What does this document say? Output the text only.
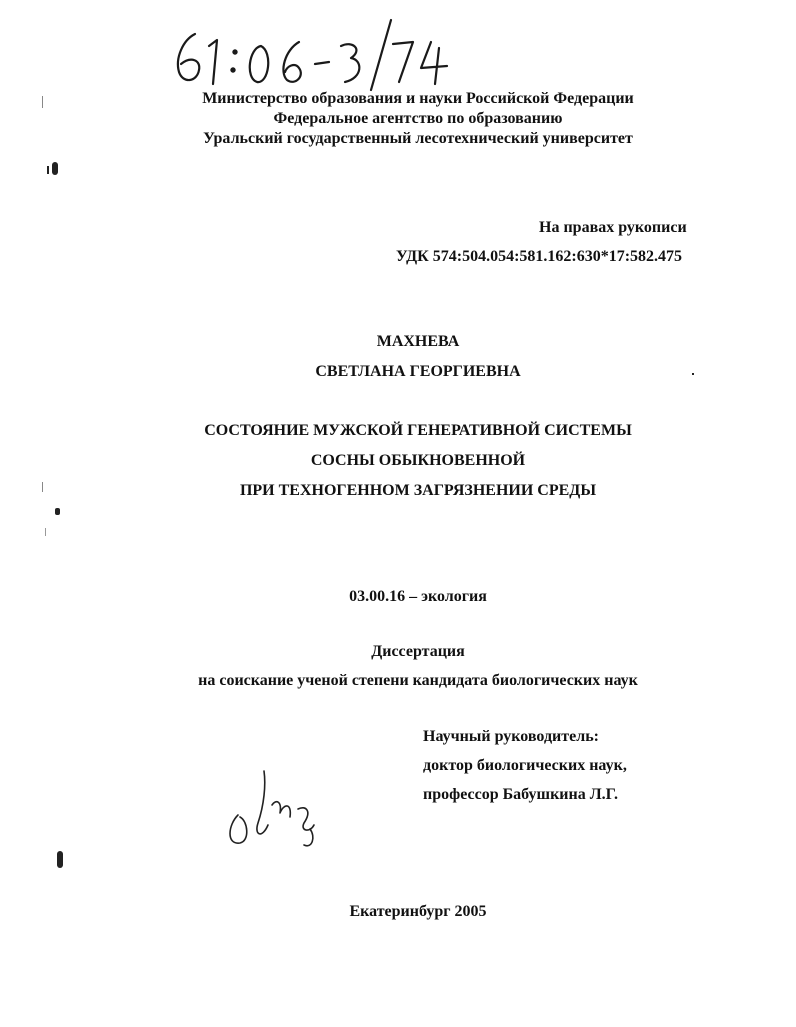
Министерство образования и науки Российской Федерации
Федеральное агентство по образованию
Уральский государственный лесотехнический университет
На правах рукописи
УДК 574:504.054:581.162:630*17:582.475
МАХНЕВА
СВЕТЛАНА ГЕОРГИЕВНА
СОСТОЯНИЕ МУЖСКОЙ ГЕНЕРАТИВНОЙ СИСТЕМЫ
СОСНЫ ОБЫКНОВЕННОЙ
ПРИ ТЕХНОГЕННОМ ЗАГРЯЗНЕНИИ СРЕДЫ
03.00.16 – экология
Диссертация
на соискание ученой степени кандидата биологических наук
Научный руководитель:
доктор биологических наук,
профессор Бабушкина Л.Г.
Екатеринбург 2005
